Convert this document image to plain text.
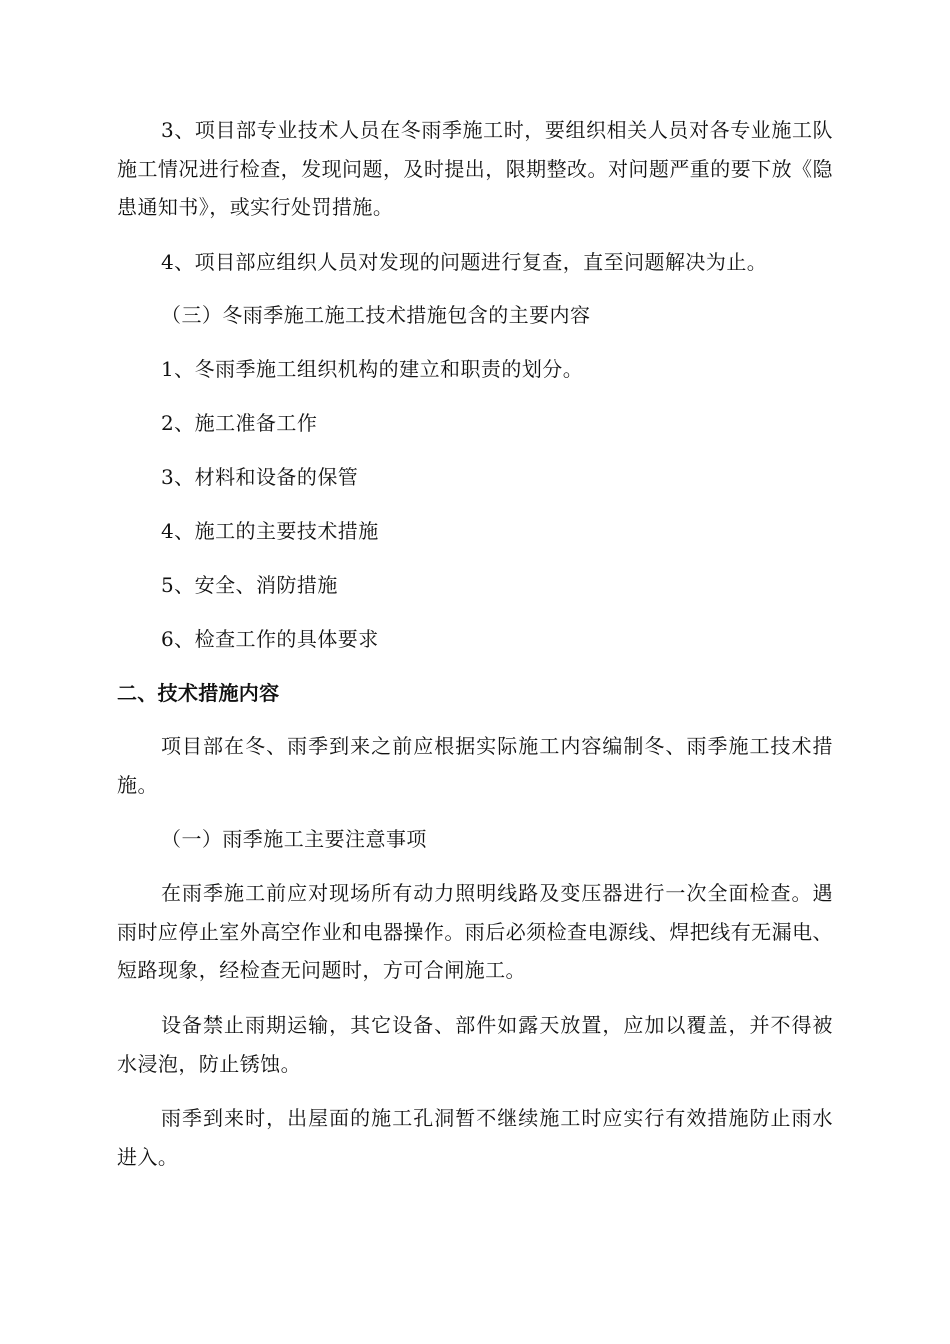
3、项目部专业技术人员在冬雨季施工时，要组织相关人员对各专业施工队施工情况进行检查，发现问题，及时提出，限期整改。对问题严重的要下放《隐患通知书》，或实行处罚措施。

4、项目部应组织人员对发现的问题进行复查，直至问题解决为止。

（三）冬雨季施工施工技术措施包含的主要内容

1、冬雨季施工组织机构的建立和职责的划分。

2、施工准备工作

3、材料和设备的保管

4、施工的主要技术措施

5、安全、消防措施

6、检查工作的具体要求

二、技术措施内容

项目部在冬、雨季到来之前应根据实际施工内容编制冬、雨季施工技术措施。

（一）雨季施工主要注意事项

在雨季施工前应对现场所有动力照明线路及变压器进行一次全面检查。遇雨时应停止室外高空作业和电器操作。雨后必须检查电源线、焊把线有无漏电、短路现象，经检查无问题时，方可合闸施工。

设备禁止雨期运输，其它设备、部件如露天放置，应加以覆盖，并不得被水浸泡，防止锈蚀。

雨季到来时，出屋面的施工孔洞暂不继续施工时应实行有效措施防止雨水进入。
